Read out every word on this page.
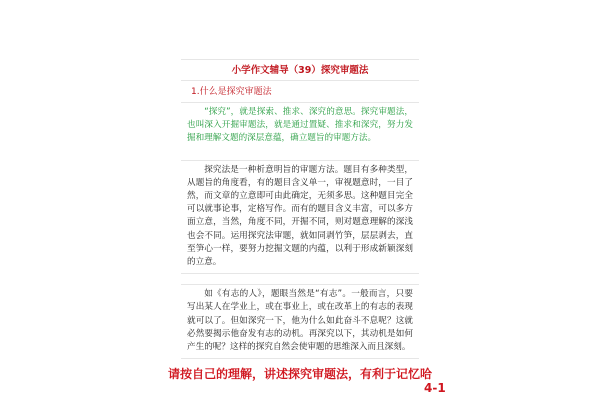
小学作文辅导（39）探究审题法
1.什么是探究审题法

“探究”，就是探索、推求、深究的意思。探究审题法，也叫深入开掘审题法，就是通过置疑、推求和深究，努力发掘和理解文题的深层意蕴，确立题旨的审题方法。

探究法是一种析意明旨的审题方法。题目有多种类型，从题旨的角度看，有的题目含义单一，审视题意时，一目了然，而文章的立意即可由此确定，无须多思。这种题目完全可以就事论事，定格写作。而有的题目含义丰富，可以多方面立意，当然，角度不同，开掘不同，则对题意理解的深浅也会不同。运用探究法审题，就如同剥竹笋，层层剥去，直至笋心一样，要努力挖掘文题的内蕴，以利于形成新颖深刻的立意。

如《有志的人》，题眼当然是“有志”。一般而言，只要写出某人在学业上，或在事业上，或在改革上的有志的表现就可以了。但如深究一下，他为什么如此奋斗不息呢？这就必然要揭示他奋发有志的动机。再深究以下，其动机是如何产生的呢？这样的探究自然会使审题的思维深入而且深刻。

请按自己的理解，讲述探究审题法，有利于记忆哈
4-1
